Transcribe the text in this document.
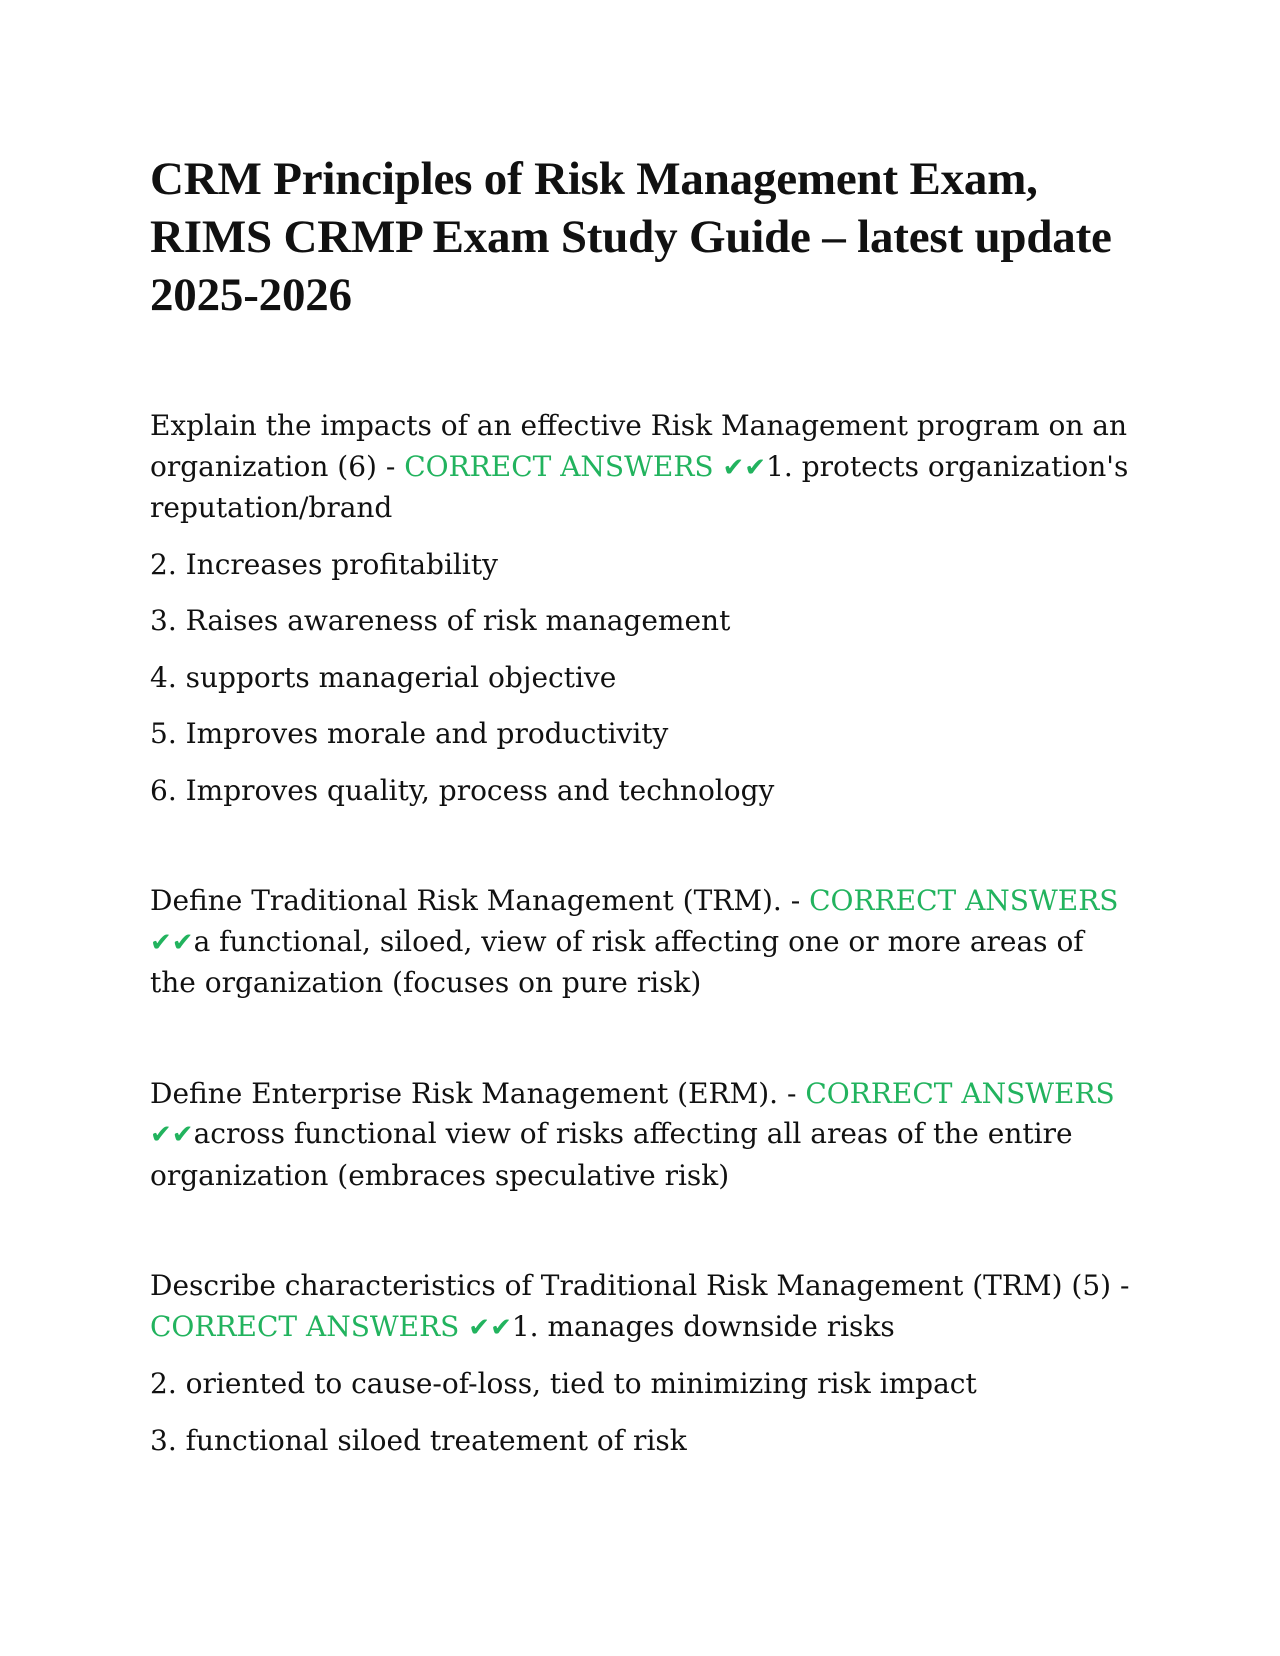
CRM Principles of Risk Management Exam, RIMS CRMP Exam Study Guide – latest update 2025-2026

Explain the impacts of an effective Risk Management program on an organization (6) - CORRECT ANSWERS ✔✔1. protects organization's reputation/brand

2. Increases profitability

3. Raises awareness of risk management

4. supports managerial objective

5. Improves morale and productivity

6. Improves quality, process and technology

Define Traditional Risk Management (TRM). - CORRECT ANSWERS ✔✔a functional, siloed, view of risk affecting one or more areas of the organization (focuses on pure risk)

Define Enterprise Risk Management (ERM). - CORRECT ANSWERS ✔✔across functional view of risks affecting all areas of the entire organization (embraces speculative risk)

Describe characteristics of Traditional Risk Management (TRM) (5) - CORRECT ANSWERS ✔✔1. manages downside risks

2. oriented to cause-of-loss, tied to minimizing risk impact

3. functional siloed treatement of risk
